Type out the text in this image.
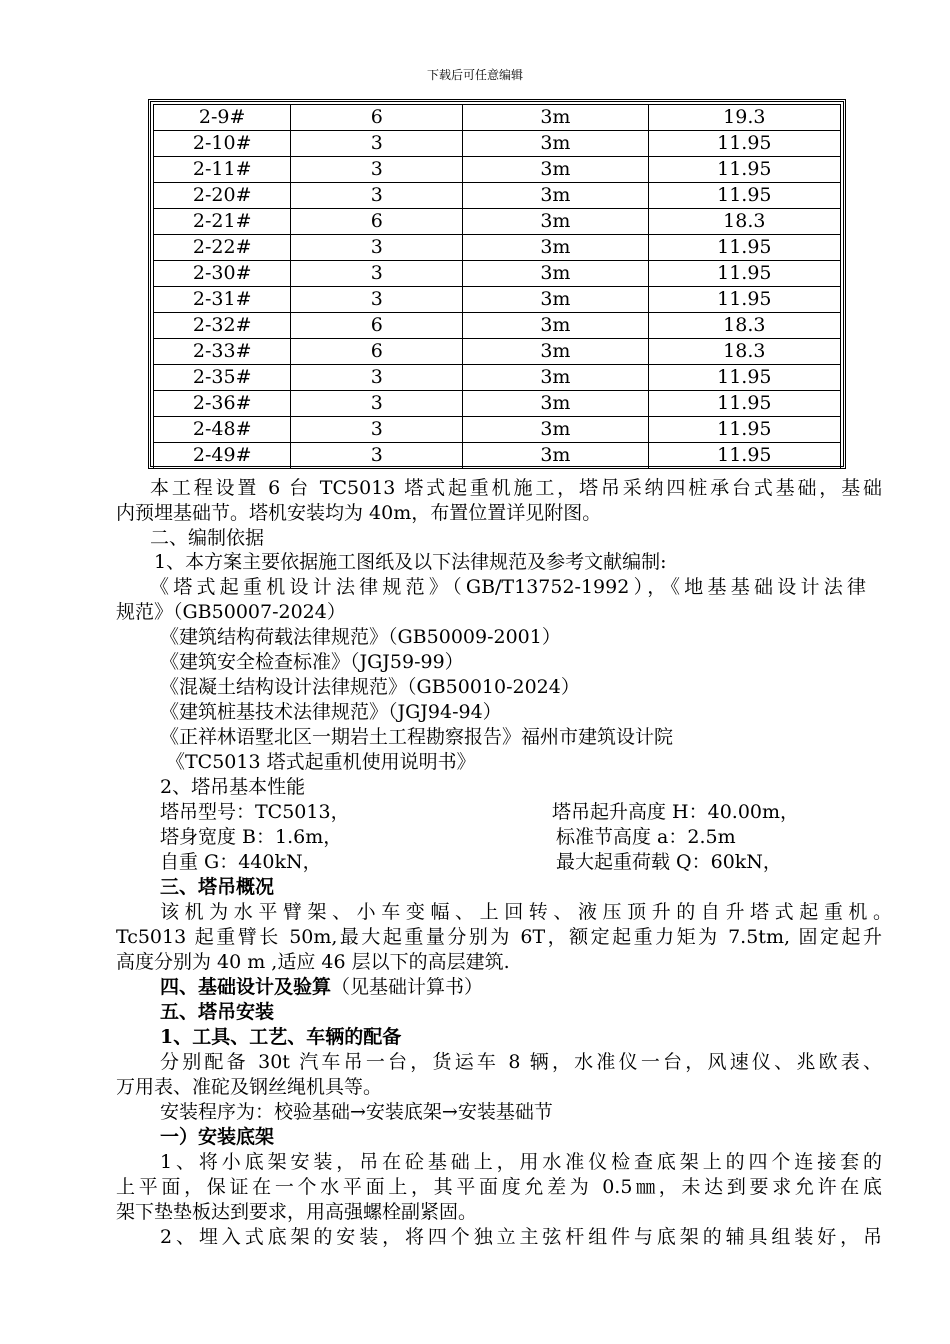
下载后可任意编辑
2-9#	6	3m	19.3
2-10#	3	3m	11.95
2-11#	3	3m	11.95
2-20#	3	3m	11.95
2-21#	6	3m	18.3
2-22#	3	3m	11.95
2-30#	3	3m	11.95
2-31#	3	3m	11.95
2-32#	6	3m	18.3
2-33#	6	3m	18.3
2-35#	3	3m	11.95
2-36#	3	3m	11.95
2-48#	3	3m	11.95
2-49#	3	3m	11.95
本工程设置 6 台 TC5013 塔式起重机施工，塔吊采纳四桩承台式基础，基础
内预埋基础节。塔机安装均为 40m，布置位置详见附图。
二、编制依据
1、本方案主要依据施工图纸及以下法律规范及参考文献编制:
《塔式起重机设计法律规范》（GB/T13752-1992），《地基基础设计法律
规范》（GB50007-2024）
《建筑结构荷载法律规范》（GB50009-2001）
《建筑安全检查标准》（JGJ59-99）
《混凝土结构设计法律规范》（GB50010-2024）
《建筑桩基技术法律规范》（JGJ94-94）
《正祥林语墅北区一期岩土工程勘察报告》福州市建筑设计院
《TC5013 塔式起重机使用说明书》
2、塔吊基本性能
塔吊型号：TC5013，	塔吊起升高度 H：40.00m，
塔身宽度 B：1.6m，	标准节高度 a：2.5m
自重 G：440kN，	最大起重荷载 Q：60kN，
三、塔吊概况
该机为水平臂架、小车变幅、上回转、液压顶升的自升塔式起重机。
Tc5013 起重臂长 50m,最大起重量分别为 6T，额定起重力矩为 7.5tm, 固定起升
高度分别为 40 m ,适应 46 层以下的高层建筑.
四、基础设计及验算（见基础计算书）
五、塔吊安装
1、工具、工艺、车辆的配备
分别配备 30t 汽车吊一台，货运车 8 辆，水准仪一台，风速仪、兆欧表、
万用表、准砣及钢丝绳机具等。
安装程序为：校验基础→安装底架→安装基础节
一）安装底架
1、将小底架安装，吊在砼基础上，用水准仪检查底架上的四个连接套的
上平面，保证在一个水平面上，其平面度允差为 0.5㎜，未达到要求允许在底
架下垫垫板达到要求，用高强螺栓副紧固。
2、埋入式底架的安装，将四个独立主弦杆组件与底架的辅具组装好，吊
